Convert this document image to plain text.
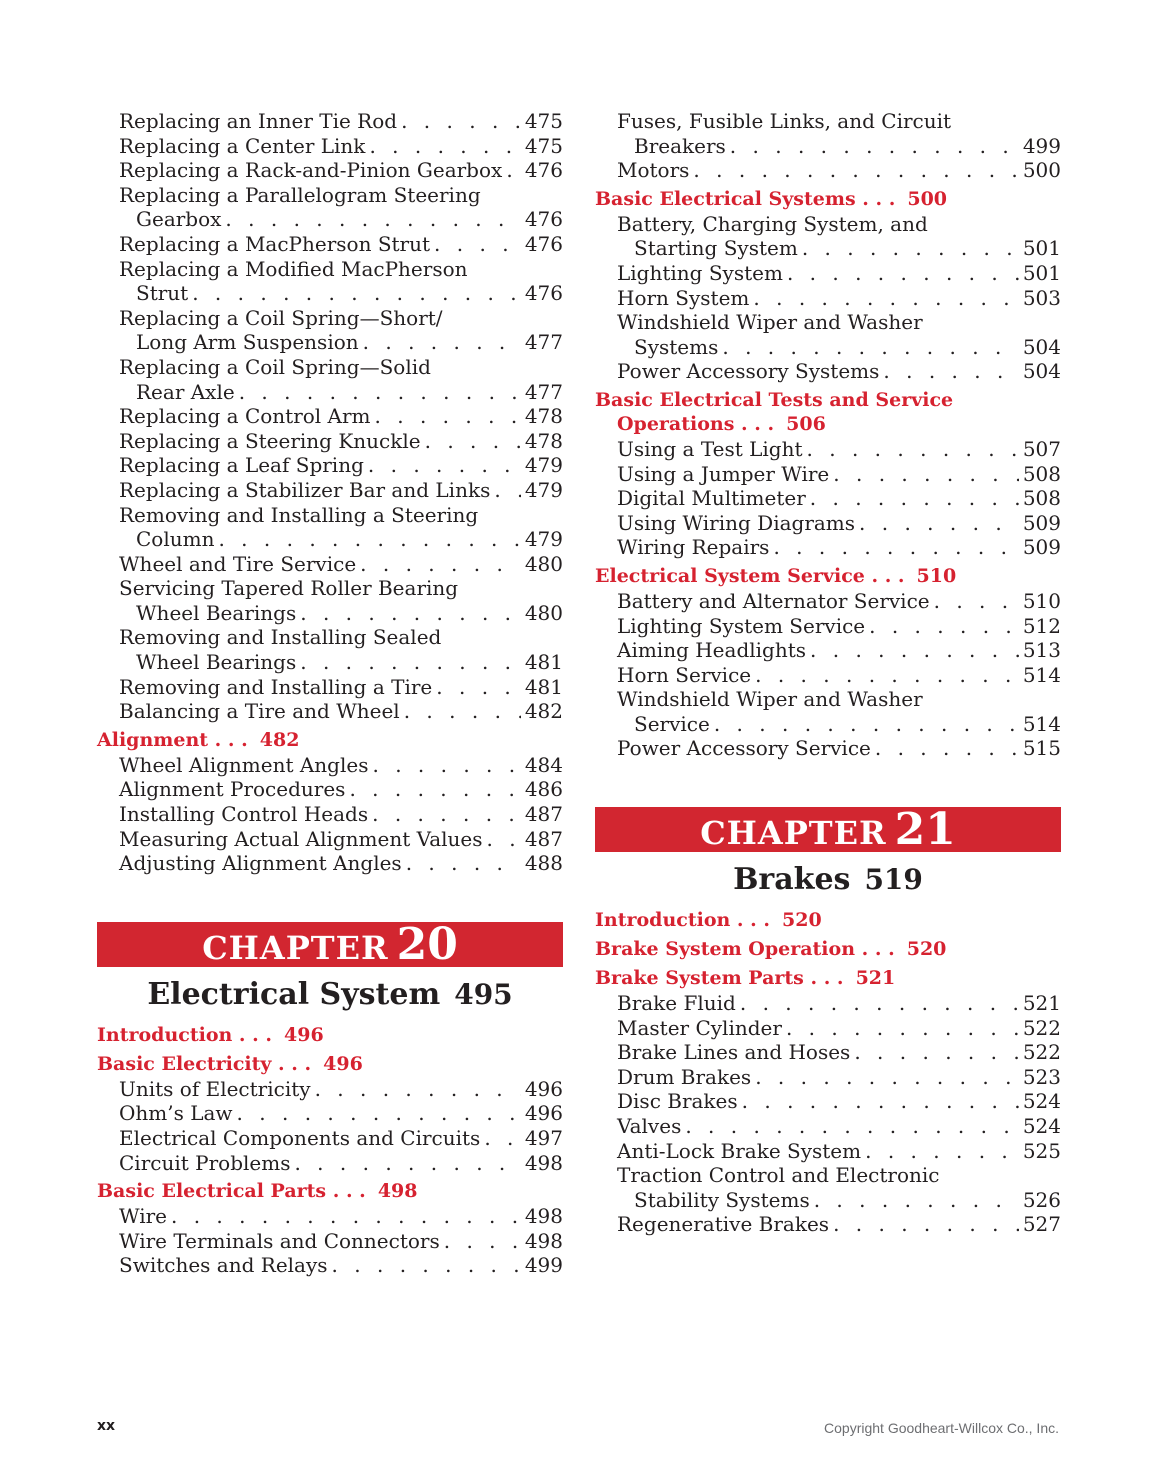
Replacing an Inner Tie Rod . . .	475
Replacing a Center Link . . .	475
Replacing a Rack-and-Pinion Gearbox . . . 476
Replacing a Parallelogram Steering
Gearbox . . .	476
Replacing a MacPherson Strut . . .	476
Replacing a Modified MacPherson
Strut . . .	476
Replacing a Coil Spring—Short/
Long Arm Suspension . . .	477
Replacing a Coil Spring—Solid
Rear Axle . . .	477
Replacing a Control Arm . . .	478
Replacing a Steering Knuckle . . .	478
Replacing a Leaf Spring . . .	479
Replacing a Stabilizer Bar and Links . . . 479
Removing and Installing a Steering
Column . . .	479
Wheel and Tire Service . . .	480
Servicing Tapered Roller Bearing
Wheel Bearings . . .	480
Removing and Installing Sealed
Wheel Bearings . . .	481
Removing and Installing a Tire . . .	481
Balancing a Tire and Wheel . . .	482
Alignment . . . 482
Wheel Alignment Angles . . .	484
Alignment Procedures . . .	486
Installing Control Heads . . .	487
Measuring Actual Alignment Values . . . 487
Adjusting Alignment Angles . . .	488
CHAPTER 20
Electrical System 495
Introduction . . . 496
Basic Electricity . . . 496
Units of Electricity . . .	496
Ohm’s Law . . .	496
Electrical Components and Circuits . . . 497
Circuit Problems . . .	498
Basic Electrical Parts . . . 498
Wire . . .	498
Wire Terminals and Connectors . . .	498
Switches and Relays . . .	499
Fuses, Fusible Links, and Circuit
Breakers . . .	499
Motors . . .	500
Basic Electrical Systems . . . 500
Battery, Charging System, and
Starting System . . .	501
Lighting System . . .	501
Horn System . . .	503
Windshield Wiper and Washer
Systems . . .	504
Power Accessory Systems . . .	504
Basic Electrical Tests and Service
Operations . . . 506
Using a Test Light . . .	507
Using a Jumper Wire . . .	508
Digital Multimeter . . .	508
Using Wiring Diagrams . . .	509
Wiring Repairs . . .	509
Electrical System Service . . . 510
Battery and Alternator Service . . .	510
Lighting System Service . . .	512
Aiming Headlights . . .	513
Horn Service . . .	514
Windshield Wiper and Washer
Service . . .	514
Power Accessory Service . . .	515
CHAPTER 21
Brakes 519
Introduction . . . 520
Brake System Operation . . . 520
Brake System Parts . . . 521
Brake Fluid . . .	521
Master Cylinder . . .	522
Brake Lines and Hoses . . .	522
Drum Brakes . . .	523
Disc Brakes . . .	524
Valves . . .	524
Anti-Lock Brake System . . .	525
Traction Control and Electronic
Stability Systems . . .	526
Regenerative Brakes . . .	527
xx	Copyright Goodheart-Willcox Co., Inc.
